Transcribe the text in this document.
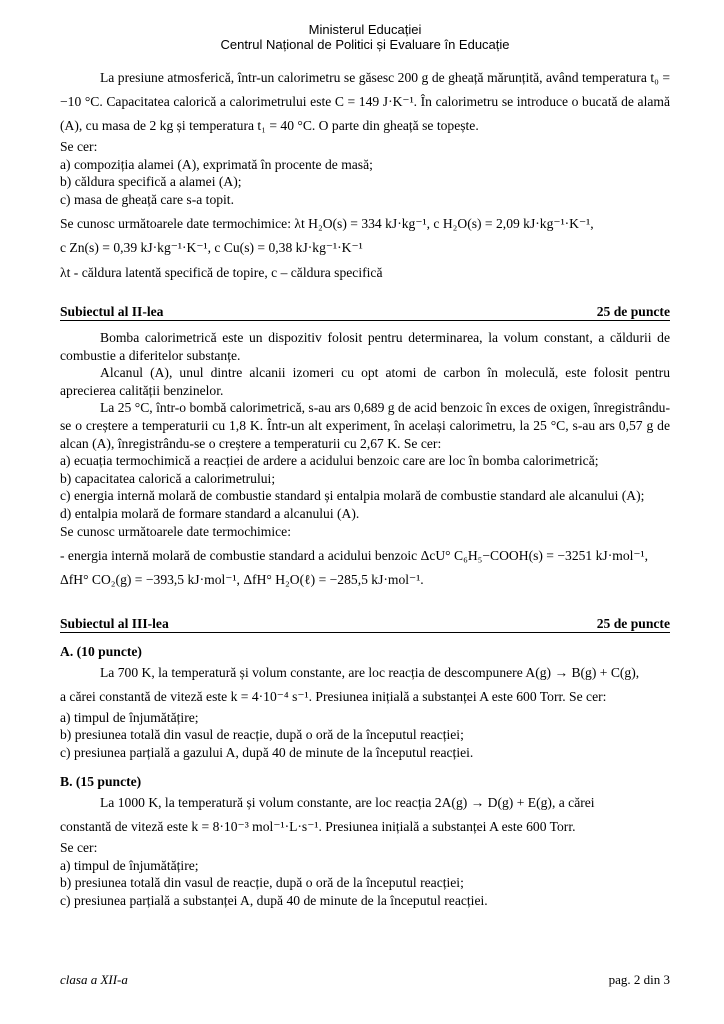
Ministerul Educației
Centrul Național de Politici și Evaluare în Educație

La presiune atmosferică, într-un calorimetru se găsesc 200 g de gheață mărunțită, având temperatura t₀ = −10 °C. Capacitatea calorică a calorimetrului este C = 149 J·K⁻¹. În calorimetru se introduce o bucată de alamă (A), cu masa de 2 kg și temperatura t₁ = 40 °C. O parte din gheață se topește.

Se cer:

a) compoziția alamei (A), exprimată în procente de masă;

b) căldura specifică a alamei (A);

c) masa de gheață care s-a topit.

Se cunosc următoarele date termochimice: λt H₂O(s) = 334 kJ·kg⁻¹, c H₂O(s) = 2,09 kJ·kg⁻¹·K⁻¹,

c Zn(s) = 0,39 kJ·kg⁻¹·K⁻¹, c Cu(s) = 0,38 kJ·kg⁻¹·K⁻¹

λt - căldura latentă specifică de topire, c – căldura specifică

Subiectul al II-lea	25 de puncte

Bomba calorimetrică este un dispozitiv folosit pentru determinarea, la volum constant, a căldurii de combustie a diferitelor substanțe.

Alcanul (A), unul dintre alcanii izomeri cu opt atomi de carbon în moleculă, este folosit pentru aprecierea calității benzinelor.

La 25 °C, într-o bombă calorimetrică, s-au ars 0,689 g de acid benzoic în exces de oxigen, înregistrându-se o creștere a temperaturii cu 1,8 K. Într-un alt experiment, în același calorimetru, la 25 °C, s-au ars 0,57 g de alcan (A), înregistrându-se o creștere a temperaturii cu 2,67 K. Se cer:

a) ecuația termochimică a reacției de ardere a acidului benzoic care are loc în bomba calorimetrică;

b) capacitatea calorică a calorimetrului;

c) energia internă molară de combustie standard și entalpia molară de combustie standard ale alcanului (A);

d) entalpia molară de formare standard a alcanului (A).

Se cunosc următoarele date termochimice:

- energia internă molară de combustie standard a acidului benzoic ΔcU° C₆H₅−COOH(s) = −3251 kJ·mol⁻¹,

ΔfH° CO₂(g) = −393,5 kJ·mol⁻¹, ΔfH° H₂O(ℓ) = −285,5 kJ·mol⁻¹.

Subiectul al III-lea	25 de puncte

A. (10 puncte)

La 700 K, la temperatură și volum constante, are loc reacția de descompunere A(g) → B(g) + C(g),

a cărei constantă de viteză este k = 4·10⁻⁴ s⁻¹. Presiunea inițială a substanței A este 600 Torr. Se cer:

a) timpul de înjumătățire;

b) presiunea totală din vasul de reacție, după o oră de la începutul reacției;

c) presiunea parțială a gazului A, după 40 de minute de la începutul reacției.

B. (15 puncte)

La 1000 K, la temperatură și volum constante, are loc reacția 2A(g) → D(g) + E(g), a cărei

constantă de viteză este k = 8·10⁻³ mol⁻¹·L·s⁻¹. Presiunea inițială a substanței A este 600 Torr.

Se cer:

a) timpul de înjumătățire;

b) presiunea totală din vasul de reacție, după o oră de la începutul reacției;

c) presiunea parțială a substanței A, după 40 de minute de la începutul reacției.

clasa a XII-a	pag. 2 din 3
